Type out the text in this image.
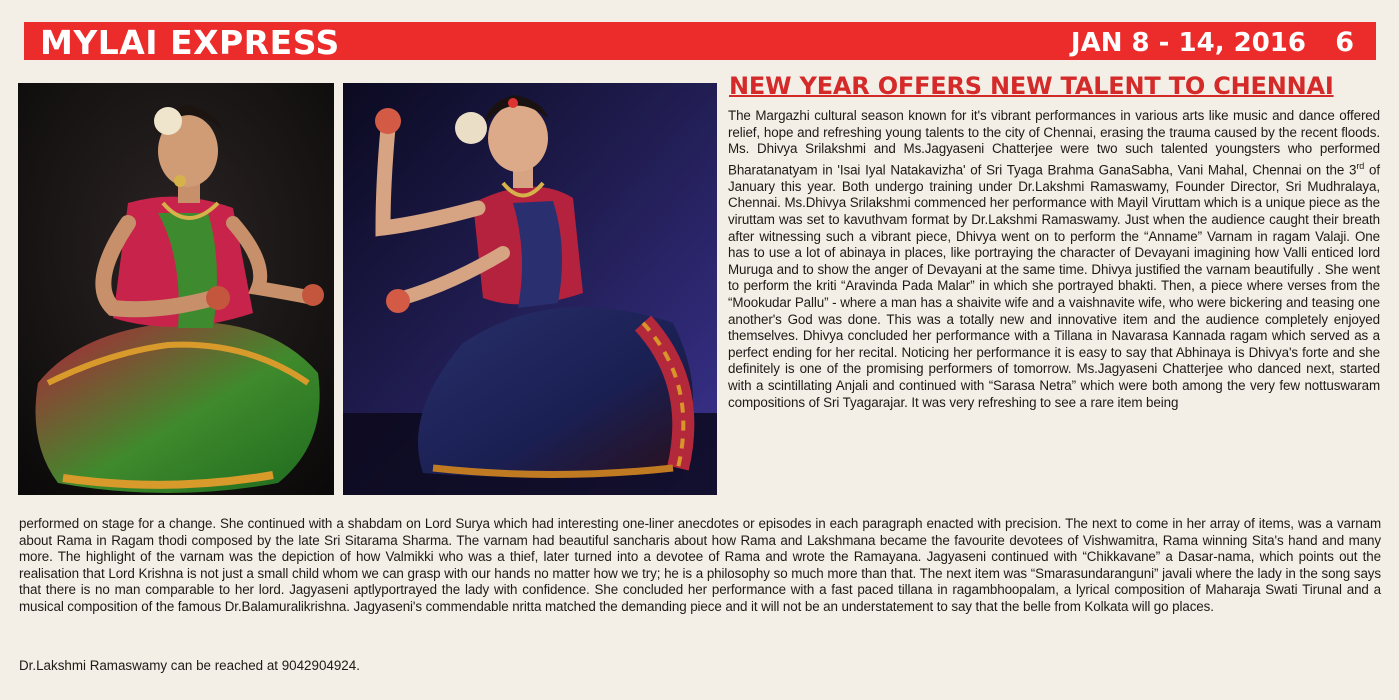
MYLAI EXPRESS	JAN 8 - 14, 2016 6
NEW YEAR OFFERS NEW TALENT TO CHENNAI
The Margazhi cultural season known for it's vibrant performances in various arts like music and dance offered relief, hope and refreshing young talents to the city of Chennai, erasing the trauma caused by the recent floods. Ms. Dhivya Srilakshmi and Ms.Jagyaseni Chatterjee were two such talented youngsters who performed Bharatanatyam in 'Isai Iyal Natakavizha' of Sri Tyaga Brahma GanaSabha, Vani Mahal, Chennai on the 3rd of January this year. Both undergo training under Dr.Lakshmi Ramaswamy, Founder Director, Sri Mudhralaya, Chennai. Ms.Dhivya Srilakshmi commenced her performance with Mayil Viruttam which is a unique piece as the viruttam was set to kavuthvam format by Dr.Lakshmi Ramaswamy. Just when the audience caught their breath after witnessing such a vibrant piece, Dhivya went on to perform the “Anname” Varnam in ragam Valaji. One has to use a lot of abinaya in places, like portraying the character of Devayani imagining how Valli enticed lord Muruga and to show the anger of Devayani at the same time. Dhivya justified the varnam beautifully . She went to perform the kriti “Aravinda Pada Malar” in which she portrayed bhakti. Then, a piece where verses from the “Mookudar Pallu” - where a man has a shaivite wife and a vaishnavite wife, who were bickering and teasing one another's God was done. This was a totally new and innovative item and the audience completely enjoyed themselves. Dhivya concluded her performance with a Tillana in Navarasa Kannada ragam which served as a perfect ending for her recital. Noticing her performance it is easy to say that Abhinaya is Dhivya's forte and she definitely is one of the promising performers of tomorrow. Ms.Jagyaseni Chatterjee who danced next, started with a scintillating Anjali and continued with “Sarasa Netra” which were both among the very few nottuswaram compositions of Sri Tyagarajar. It was very refreshing to see a rare item being
performed on stage for a change. She continued with a shabdam on Lord Surya which had interesting one-liner anecdotes or episodes in each paragraph enacted with precision. The next to come in her array of items, was a varnam about Rama in Ragam thodi composed by the late Sri Sitarama Sharma. The varnam had beautiful sancharis about how Rama and Lakshmana became the favourite devotees of Vishwamitra, Rama winning Sita's hand and many more. The highlight of the varnam was the depiction of how Valmikki who was a thief, later turned into a devotee of Rama and wrote the Ramayana. Jagyaseni continued with “Chikkavane” a Dasar-nama, which points out the realisation that Lord Krishna is not just a small child whom we can grasp with our hands no matter how we try; he is a philosophy so much more than that. The next item was “Smarasundaranguni” javali where the lady in the song says that there is no man comparable to her lord. Jagyaseni aptlyportrayed the lady with confidence. She concluded her performance with a fast paced tillana in ragambhoopalam, a lyrical composition of Maharaja Swati Tirunal and a musical composition of the famous Dr.Balamuralikrishna. Jagyaseni's commendable nritta matched the demanding piece and it will not be an understatement to say that the belle from Kolkata will go places.
Dr.Lakshmi Ramaswamy can be reached at 9042904924.
